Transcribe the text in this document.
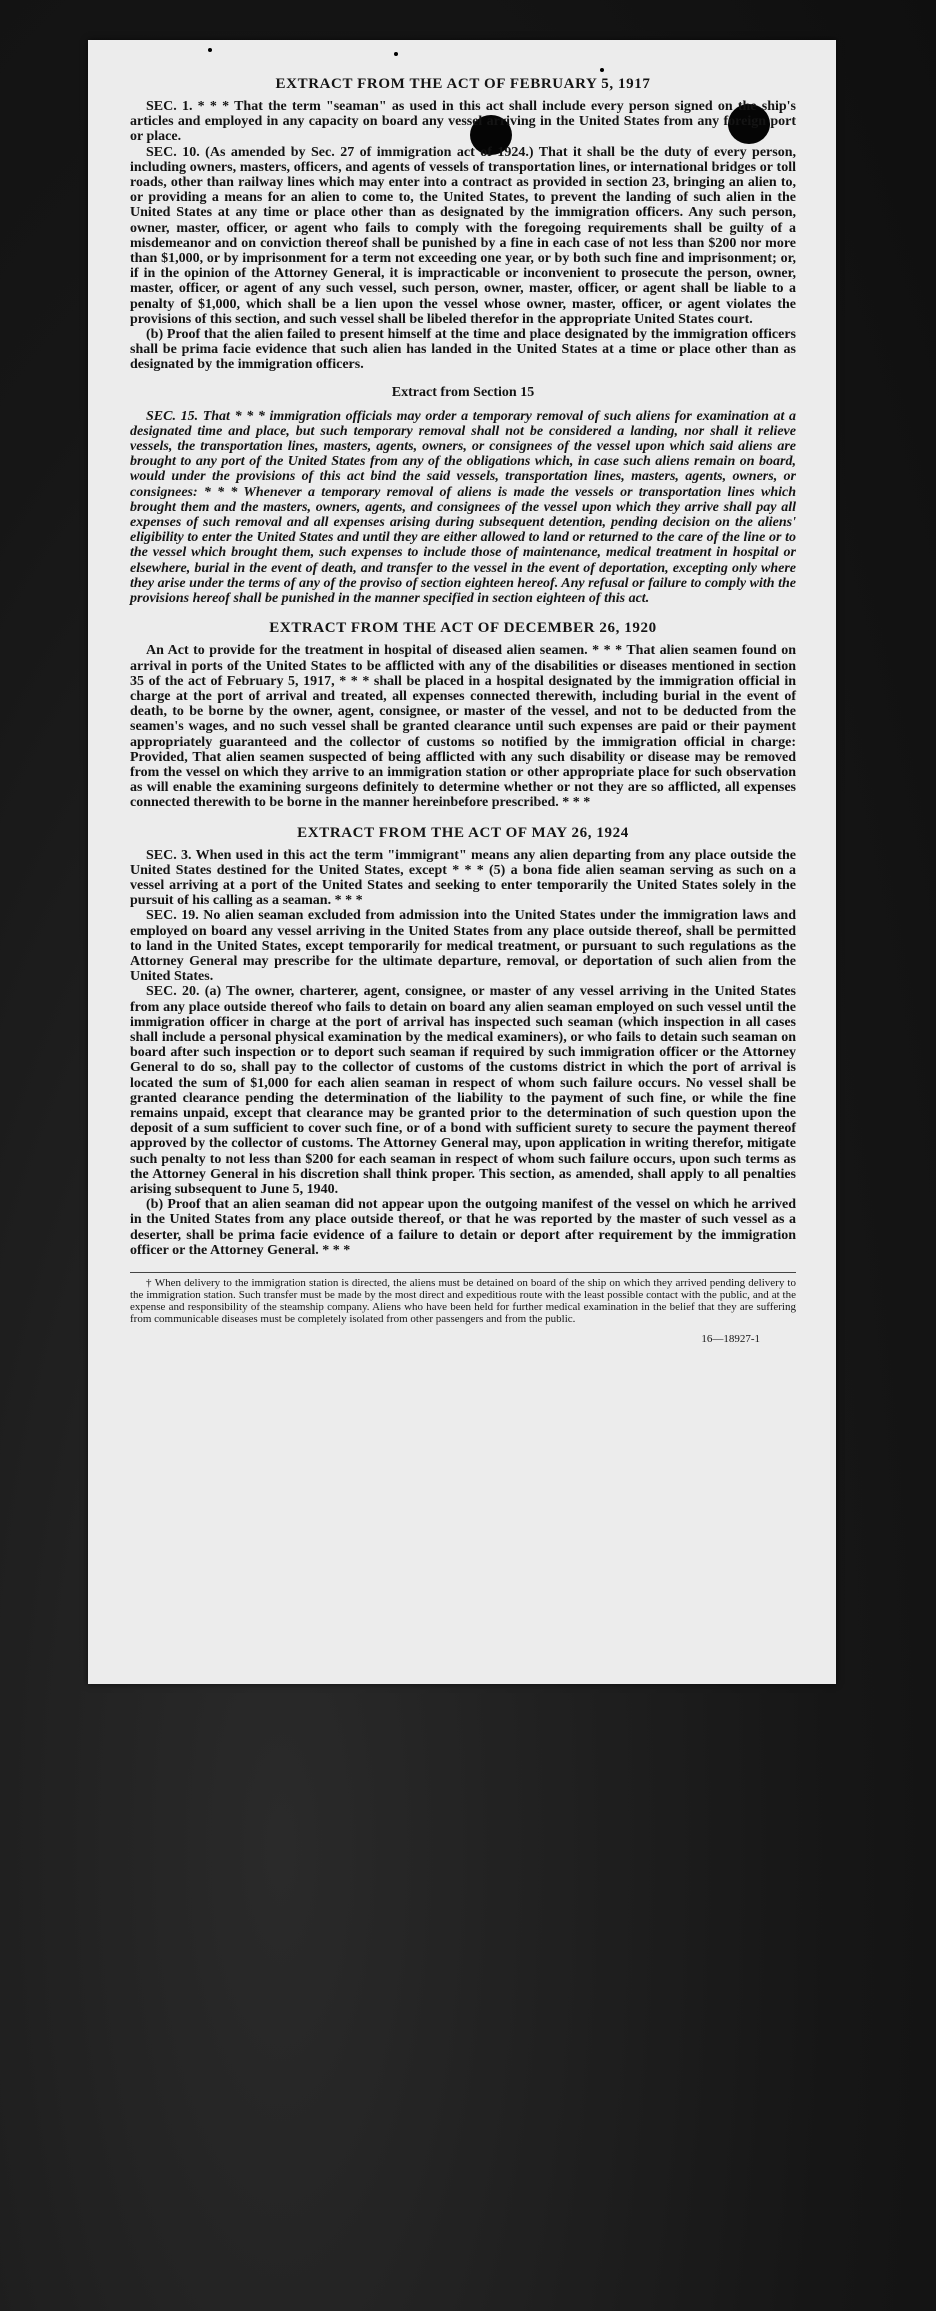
EXTRACT FROM THE ACT OF FEBRUARY 5, 1917

SEC. 1. * * * That the term "seaman" as used in this act shall include every person signed on the ship's articles and employed in any capacity on board any vessel arriving in the United States from any foreign port or place.

SEC. 10. (As amended by Sec. 27 of immigration act of 1924.) That it shall be the duty of every person, including owners, masters, officers, and agents of vessels of transportation lines, or international bridges or toll roads, other than railway lines which may enter into a contract as provided in section 23, bringing an alien to, or providing a means for an alien to come to, the United States, to prevent the landing of such alien in the United States at any time or place other than as designated by the immigration officers. Any such person, owner, master, officer, or agent who fails to comply with the foregoing requirements shall be guilty of a misdemeanor and on conviction thereof shall be punished by a fine in each case of not less than $200 nor more than $1,000, or by imprisonment for a term not exceeding one year, or by both such fine and imprisonment; or, if in the opinion of the Attorney General, it is impracticable or inconvenient to prosecute the person, owner, master, officer, or agent of any such vessel, such person, owner, master, officer, or agent shall be liable to a penalty of $1,000, which shall be a lien upon the vessel whose owner, master, officer, or agent violates the provisions of this section, and such vessel shall be libeled therefor in the appropriate United States court.

(b) Proof that the alien failed to present himself at the time and place designated by the immigration officers shall be prima facie evidence that such alien has landed in the United States at a time or place other than as designated by the immigration officers.

Extract from Section 15

SEC. 15. That * * * immigration officials may order a temporary removal of such aliens for examination at a designated time and place, but such temporary removal shall not be considered a landing, nor shall it relieve vessels, the transportation lines, masters, agents, owners, or consignees of the vessel upon which said aliens are brought to any port of the United States from any of the obligations which, in case such aliens remain on board, would under the provisions of this act bind the said vessels, transportation lines, masters, agents, owners, or consignees: * * * Whenever a temporary removal of aliens is made the vessels or transportation lines which brought them and the masters, owners, agents, and consignees of the vessel upon which they arrive shall pay all expenses of such removal and all expenses arising during subsequent detention, pending decision on the aliens' eligibility to enter the United States and until they are either allowed to land or returned to the care of the line or to the vessel which brought them, such expenses to include those of maintenance, medical treatment in hospital or elsewhere, burial in the event of death, and transfer to the vessel in the event of deportation, excepting only where they arise under the terms of any of the proviso of section eighteen hereof. Any refusal or failure to comply with the provisions hereof shall be punished in the manner specified in section eighteen of this act.

EXTRACT FROM THE ACT OF DECEMBER 26, 1920

An Act to provide for the treatment in hospital of diseased alien seamen. * * * That alien seamen found on arrival in ports of the United States to be afflicted with any of the disabilities or diseases mentioned in section 35 of the act of February 5, 1917, * * * shall be placed in a hospital designated by the immigration official in charge at the port of arrival and treated, all expenses connected therewith, including burial in the event of death, to be borne by the owner, agent, consignee, or master of the vessel, and not to be deducted from the seamen's wages, and no such vessel shall be granted clearance until such expenses are paid or their payment appropriately guaranteed and the collector of customs so notified by the immigration official in charge: Provided, That alien seamen suspected of being afflicted with any such disability or disease may be removed from the vessel on which they arrive to an immigration station or other appropriate place for such observation as will enable the examining surgeons definitely to determine whether or not they are so afflicted, all expenses connected therewith to be borne in the manner hereinbefore prescribed. * * *

EXTRACT FROM THE ACT OF MAY 26, 1924

SEC. 3. When used in this act the term "immigrant" means any alien departing from any place outside the United States destined for the United States, except * * * (5) a bona fide alien seaman serving as such on a vessel arriving at a port of the United States and seeking to enter temporarily the United States solely in the pursuit of his calling as a seaman. * * *

SEC. 19. No alien seaman excluded from admission into the United States under the immigration laws and employed on board any vessel arriving in the United States from any place outside thereof, shall be permitted to land in the United States, except temporarily for medical treatment, or pursuant to such regulations as the Attorney General may prescribe for the ultimate departure, removal, or deportation of such alien from the United States.

SEC. 20. (a) The owner, charterer, agent, consignee, or master of any vessel arriving in the United States from any place outside thereof who fails to detain on board any alien seaman employed on such vessel until the immigration officer in charge at the port of arrival has inspected such seaman (which inspection in all cases shall include a personal physical examination by the medical examiners), or who fails to detain such seaman on board after such inspection or to deport such seaman if required by such immigration officer or the Attorney General to do so, shall pay to the collector of customs of the customs district in which the port of arrival is located the sum of $1,000 for each alien seaman in respect of whom such failure occurs. No vessel shall be granted clearance pending the determination of the liability to the payment of such fine, or while the fine remains unpaid, except that clearance may be granted prior to the determination of such question upon the deposit of a sum sufficient to cover such fine, or of a bond with sufficient surety to secure the payment thereof approved by the collector of customs. The Attorney General may, upon application in writing therefor, mitigate such penalty to not less than $200 for each seaman in respect of whom such failure occurs, upon such terms as the Attorney General in his discretion shall think proper. This section, as amended, shall apply to all penalties arising subsequent to June 5, 1940.

(b) Proof that an alien seaman did not appear upon the outgoing manifest of the vessel on which he arrived in the United States from any place outside thereof, or that he was reported by the master of such vessel as a deserter, shall be prima facie evidence of a failure to detain or deport after requirement by the immigration officer or the Attorney General. * * *

† When delivery to the immigration station is directed, the aliens must be detained on board of the ship on which they arrived pending delivery to the immigration station. Such transfer must be made by the most direct and expeditious route with the least possible contact with the public, and at the expense and responsibility of the steamship company. Aliens who have been held for further medical examination in the belief that they are suffering from communicable diseases must be completely isolated from other passengers and from the public.

16—18927-1
